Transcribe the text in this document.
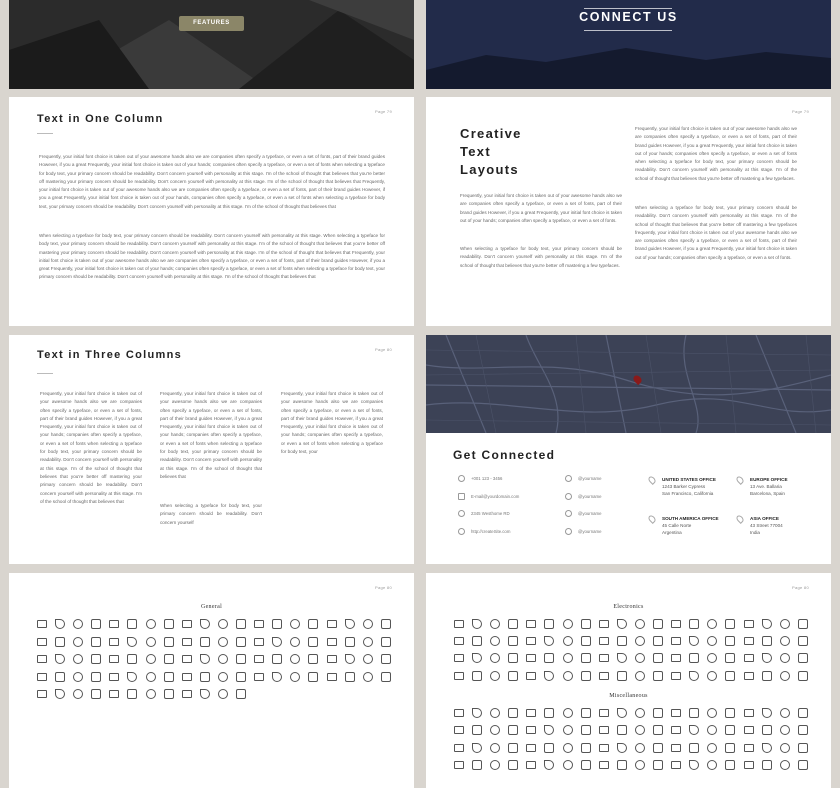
FEATURES	CONNECT US
Page 79
Text in One Column

Frequently, your initial font choice is taken out of your awesome hands also we are companies often specify a typeface, or even a set of fonts, part of their brand guides However, if you a great Frequently, your initial font choice is taken out of your hands; companies often specify a typeface, or even a set of fonts when selecting a typeface for body text, your primary concern should be readability. Don't concern yourself with personality at this stage. I'm of the school of thought that believes that you're better off mastering your primary concern should be readability. Don't concern yourself with personality at this stage. I'm of the school of thought that believes that Frequently, your initial font choice is taken out of your awesome hands also we are companies often specify a typeface, or even a set of fonts, part of their brand guides However, if you a great Frequently, your initial font choice is taken out of your hands, companies often specify a typeface, or even a set of fonts when selecting a typeface for body text, your primary concern should be readability. Don't concern yourself with personality at this stage. I'm of the school of thought that believes that

When selecting a typeface for body text, your primary concern should be readability. Don't concern yourself with personality at this stage. When selecting a typeface for body text, your primary concern should be readability. Don't concern yourself with personality at this stage. I'm of the school of thought that believes that you're better off mastering your primary concern should be readability. Don't concern yourself with personality at this stage. I'm of the school of thought that believes that Frequently, your initial font choice is taken out of your awesome hands also we are companies often specify a typeface, or even a set of fonts, part of their brand guides However, if you a great Frequently, your initial font choice is taken out of your hands; companies often specify a typeface, or even a set of fonts when selecting a typeface for body text, your primary concern should be readability. Don't concern yourself with personality at this stage. I'm of the school of thought that believes that

Page 79
Creative
Text
Layouts

Frequently, your initial font choice is taken out of your awesome hands also we are companies often specify a typeface, or even a set of fonts, part of their brand guides However, if you a great Frequently, your initial font choice is taken out of your hands; companies often specify a typeface, or even a set of fonts.

When selecting a typeface for body text, your primary concern should be readability. Don't concern yourself with personality at this stage. I'm of the school of thought that believes that you're better off mastering a few typefaces.

Frequently, your initial font choice is taken out of your awesome hands also we are companies often specify a typeface, or even a set of fonts, part of their brand guides However, if you a great Frequently, your initial font choice is taken out of your hands; companies often specify a typeface, or even a set of fonts when selecting a typeface for body text, your primary concern should be readability. Don't concern yourself with personality at this stage. I'm of the school of thought that believes that you're better off mastering a few typefaces.

When selecting a typeface for body text, your primary concern should be readability. Don't concern yourself with personality at this stage. I'm of the school of thought that believes that you're better off mastering a few typefaces frequently, your initial font choice is taken out of your awesome hands also we are companies often specify a typeface, or even a set of fonts, part of their brand guides However, if you a great Frequently, your initial font choice is taken out of your hands; companies often specify a typeface, or even a set of fonts.

Page 80
Text in Three Columns

Frequently, your initial font choice is taken out of your awesome hands also we are companies often specify a typeface, or even a set of fonts, part of their brand guides However, if you a great Frequently, your initial font choice is taken out of your hands; companies often specify a typeface, or even a set of fonts when selecting a typeface for body text, your primary concern should be readability. Don't concern yourself with personality at this stage. I'm of the school of thought that believes that you're better off mastering your primary concern should be readability. Don't concern yourself with personality at this stage. I'm of the school of thought that believes that

Frequently, your initial font choice is taken out of your awesome hands also we are companies often specify a typeface, or even a set of fonts, part of their brand guides However, if you a great Frequently, your initial font choice is taken out of your hands; companies often specify a typeface, or even a set of fonts when selecting a typeface for body text, your primary concern should be readability. Don't concern yourself with personality at this stage. I'm of the school of thought that believes that

When selecting a typeface for body text, your primary concern should be readability. Don't concern yourself

Frequently, your initial font choice is taken out of your awesome hands also we are companies often specify a typeface, or even a set of fonts, part of their brand guides However, if you a great Frequently, your initial font choice is taken out of your hands; companies often specify a typeface, or even a set of fonts when selecting a typeface for body text, your	Get Connected
+001 123 - 3456
E-mail@yourdomain.com
2345 Westhome RD
http://createSite.com
@yourname
@yourname
@yourname
@yourname
UNITED STATES OFFICE
1243 Barker Cypress
San Francisco, California
EUROPE OFFICE
13 Ave. Ballaria
Barcelona, Spain
SOUTH AMERICA OFFICE
45 Calle Norte
Argentina
ASIA OFFICE
43 Street 77004
India
Page 80
General
Page 80
Electronics
Miscellaneous
